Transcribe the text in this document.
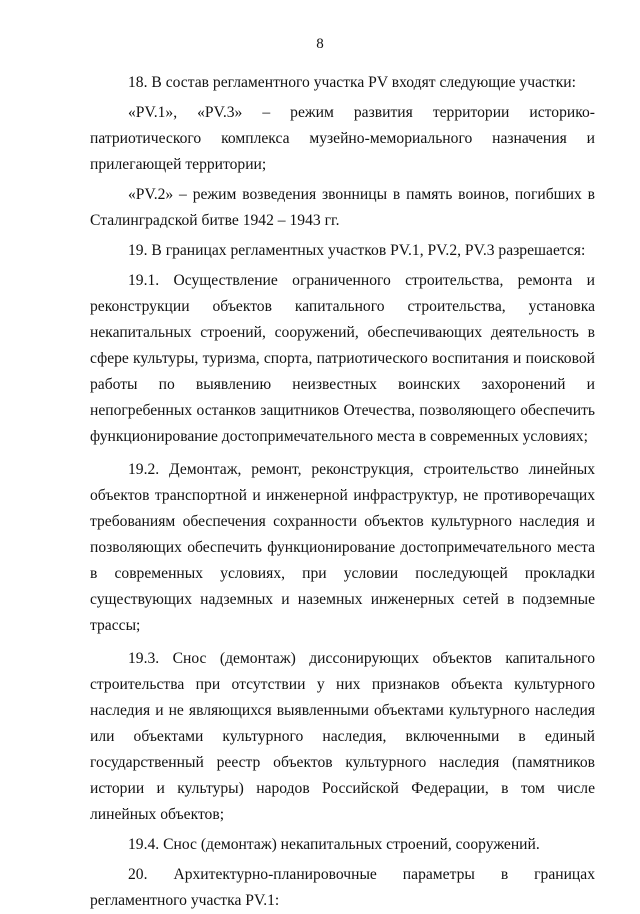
8

18. В состав регламентного участка PV входят следующие участки:

«PV.1», «PV.3» – режим развития территории историко-патриотического комплекса музейно-мемориального назначения и прилегающей территории;

«PV.2» – режим возведения звонницы в память воинов, погибших в Сталинградской битве 1942 – 1943 гг.

19. В границах регламентных участков PV.1, PV.2, PV.3 разрешается:

19.1. Осуществление ограниченного строительства, ремонта и реконструкции объектов капитального строительства, установка некапитальных строений, сооружений, обеспечивающих деятельность в сфере культуры, туризма, спорта, патриотического воспитания и поисковой работы по выявлению неизвестных воинских захоронений и непогребенных останков защитников Отечества, позволяющего обеспечить функционирование достопримечательного места в современных условиях;

19.2. Демонтаж, ремонт, реконструкция, строительство линейных объектов транспортной и инженерной инфраструктур, не противоречащих требованиям обеспечения сохранности объектов культурного наследия и позволяющих обеспечить функционирование достопримечательного места в современных условиях, при условии последующей прокладки существующих надземных и наземных инженерных сетей в подземные трассы;

19.3. Снос (демонтаж) диссонирующих объектов капитального строительства при отсутствии у них признаков объекта культурного наследия и не являющихся выявленными объектами культурного наследия или объектами культурного наследия, включенными в единый государственный реестр объектов культурного наследия (памятников истории и культуры) народов Российской Федерации, в том числе линейных объектов;

19.4. Снос (демонтаж) некапитальных строений, сооружений.

20. Архитектурно-планировочные параметры в границах регламентного участка PV.1:
